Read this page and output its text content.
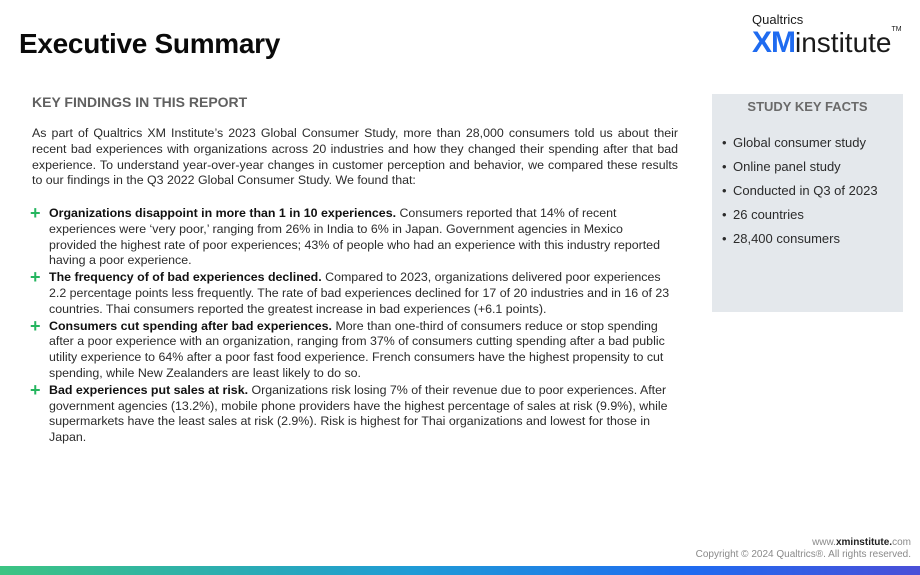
Executive Summary
Qualtrics
XMinstitute™
KEY FINDINGS IN THIS REPORT

As part of Qualtrics XM Institute’s 2023 Global Consumer Study, more than 28,000 consumers told us about their recent bad experiences with organizations across 20 industries and how they changed their spending after that bad experience. To understand year-over-year changes in customer perception and behavior, we compared these results to our findings in the Q3 2022 Global Consumer Study. We found that:

+ Organizations disappoint in more than 1 in 10 experiences. Consumers reported that 14% of recent experiences were ‘very poor,’ ranging from 26% in India to 6% in Japan. Government agencies in Mexico provided the highest rate of poor experiences; 43% of people who had an experience with this industry reported having a poor experience.
+ The frequency of of bad experiences declined. Compared to 2023, organizations delivered poor experiences 2.2 percentage points less frequently. The rate of bad experiences declined for 17 of 20 industries and in 16 of 23 countries. Thai consumers reported the greatest increase in bad experiences (+6.1 points).
+ Consumers cut spending after bad experiences. More than one-third of consumers reduce or stop spending after a poor experience with an organization, ranging from 37% of consumers cutting spending after a bad public utility experience to 64% after a poor fast food experience. French consumers have the highest propensity to cut spending, while New Zealanders are least likely to do so.
+ Bad experiences put sales at risk. Organizations risk losing 7% of their revenue due to poor experiences. After government agencies (13.2%), mobile phone providers have the highest percentage of sales at risk (9.9%), while supermarkets have the least sales at risk (2.9%). Risk is highest for Thai organizations and lowest for those in Japan.
STUDY KEY FACTS
• Global consumer study
• Online panel study
• Conducted in Q3 of 2023
• 26 countries
• 28,400 consumers
www.xminstitute.com
Copyright © 2024 Qualtrics®. All rights reserved.
